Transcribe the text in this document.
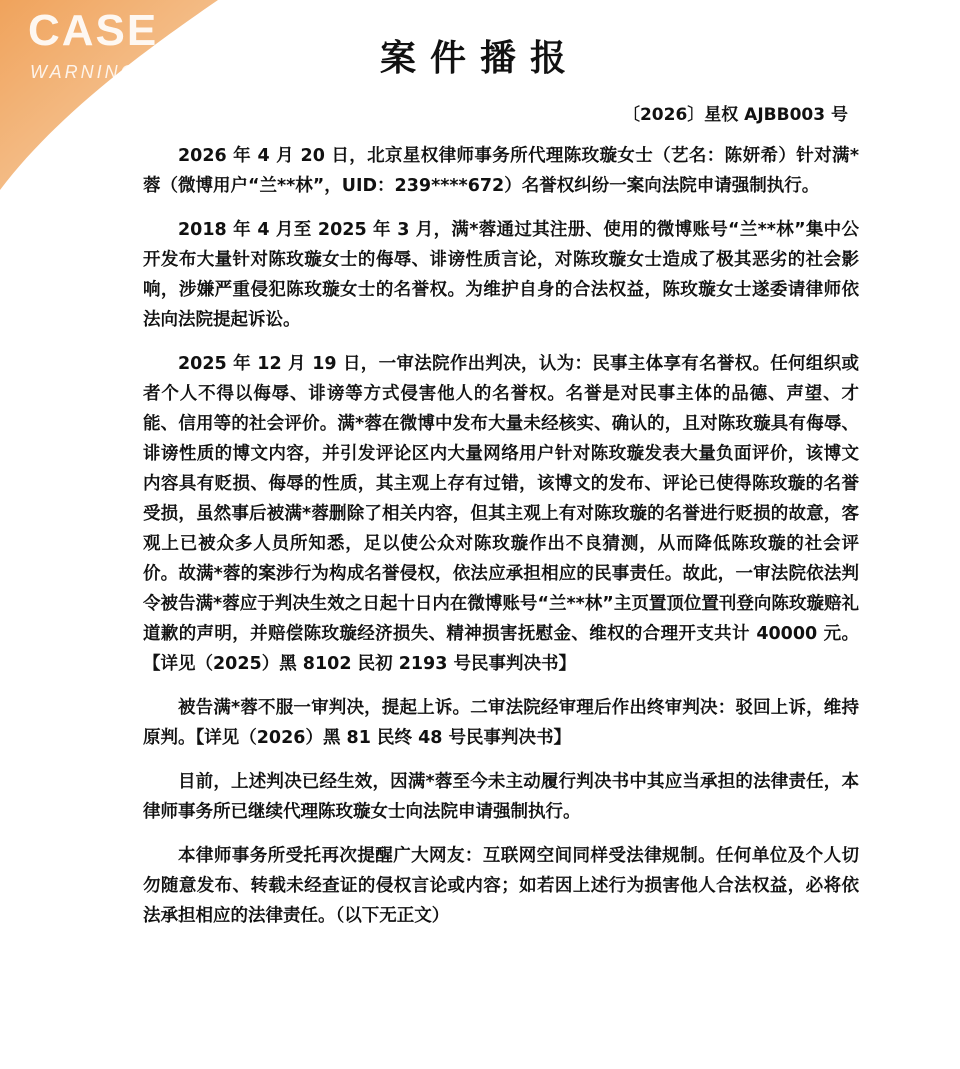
CASE
WARNING	案件播报
〔2026〕星权 AJBB003 号

2026 年 4 月 20 日，北京星权律师事务所代理陈玫璇女士（艺名：陈妍希）针对满*蓉（微博用户“兰**林”，UID：239****672）名誉权纠纷一案向法院申请强制执行。

2018 年 4 月至 2025 年 3 月，满*蓉通过其注册、使用的微博账号“兰**林”集中公开发布大量针对陈玫璇女士的侮辱、诽谤性质言论，对陈玫璇女士造成了极其恶劣的社会影响，涉嫌严重侵犯陈玫璇女士的名誉权。为维护自身的合法权益，陈玫璇女士遂委请律师依法向法院提起诉讼。

2025 年 12 月 19 日，一审法院作出判决，认为：民事主体享有名誉权。任何组织或者个人不得以侮辱、诽谤等方式侵害他人的名誉权。名誉是对民事主体的品德、声望、才能、信用等的社会评价。满*蓉在微博中发布大量未经核实、确认的，且对陈玫璇具有侮辱、诽谤性质的博文内容，并引发评论区内大量网络用户针对陈玫璇发表大量负面评价，该博文内容具有贬损、侮辱的性质，其主观上存有过错，该博文的发布、评论已使得陈玫璇的名誉受损，虽然事后被满*蓉删除了相关内容，但其主观上有对陈玫璇的名誉进行贬损的故意，客观上已被众多人员所知悉，足以使公众对陈玫璇作出不良猜测，从而降低陈玫璇的社会评价。故满*蓉的案涉行为构成名誉侵权，依法应承担相应的民事责任。故此，一审法院依法判令被告满*蓉应于判决生效之日起十日内在微博账号“兰**林”主页置顶位置刊登向陈玫璇赔礼道歉的声明，并赔偿陈玫璇经济损失、精神损害抚慰金、维权的合理开支共计 40000 元。【详见（2025）黑 8102 民初 2193 号民事判决书】

被告满*蓉不服一审判决，提起上诉。二审法院经审理后作出终审判决：驳回上诉，维持原判。【详见（2026）黑 81 民终 48 号民事判决书】

目前，上述判决已经生效，因满*蓉至今未主动履行判决书中其应当承担的法律责任，本律师事务所已继续代理陈玫璇女士向法院申请强制执行。

本律师事务所受托再次提醒广大网友：互联网空间同样受法律规制。任何单位及个人切勿随意发布、转载未经查证的侵权言论或内容；如若因上述行为损害他人合法权益，必将依法承担相应的法律责任。（以下无正文）
